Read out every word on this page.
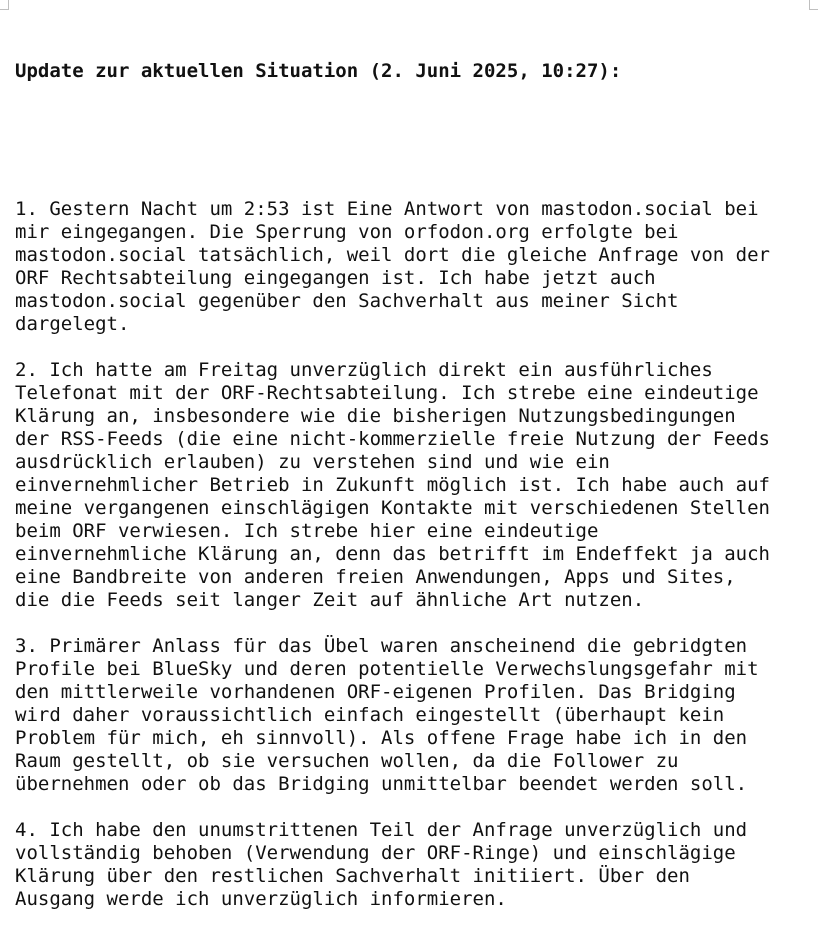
Update zur aktuellen Situation (2. Juni 2025, 10:27):

1. Gestern Nacht um 2:53 ist Eine Antwort von mastodon.social bei
mir eingegangen. Die Sperrung von orfodon.org erfolgte bei
mastodon.social tatsächlich, weil dort die gleiche Anfrage von der
ORF Rechtsabteilung eingegangen ist. Ich habe jetzt auch
mastodon.social gegenüber den Sachverhalt aus meiner Sicht
dargelegt.
2. Ich hatte am Freitag unverzüglich direkt ein ausführliches
Telefonat mit der ORF-Rechtsabteilung. Ich strebe eine eindeutige
Klärung an, insbesondere wie die bisherigen Nutzungsbedingungen
der RSS-Feeds (die eine nicht-kommerzielle freie Nutzung der Feeds
ausdrücklich erlauben) zu verstehen sind und wie ein
einvernehmlicher Betrieb in Zukunft möglich ist. Ich habe auch auf
meine vergangenen einschlägigen Kontakte mit verschiedenen Stellen
beim ORF verwiesen. Ich strebe hier eine eindeutige
einvernehmliche Klärung an, denn das betrifft im Endeffekt ja auch
eine Bandbreite von anderen freien Anwendungen, Apps und Sites,
die die Feeds seit langer Zeit auf ähnliche Art nutzen.
3. Primärer Anlass für das Übel waren anscheinend die gebridgten
Profile bei BlueSky und deren potentielle Verwechslungsgefahr mit
den mittlerweile vorhandenen ORF-eigenen Profilen. Das Bridging
wird daher voraussichtlich einfach eingestellt (überhaupt kein
Problem für mich, eh sinnvoll). Als offene Frage habe ich in den
Raum gestellt, ob sie versuchen wollen, da die Follower zu
übernehmen oder ob das Bridging unmittelbar beendet werden soll.
4. Ich habe den unumstrittenen Teil der Anfrage unverzüglich und
vollständig behoben (Verwendung der ORF-Ringe) und einschlägige
Klärung über den restlichen Sachverhalt initiiert. Über den
Ausgang werde ich unverzüglich informieren.
